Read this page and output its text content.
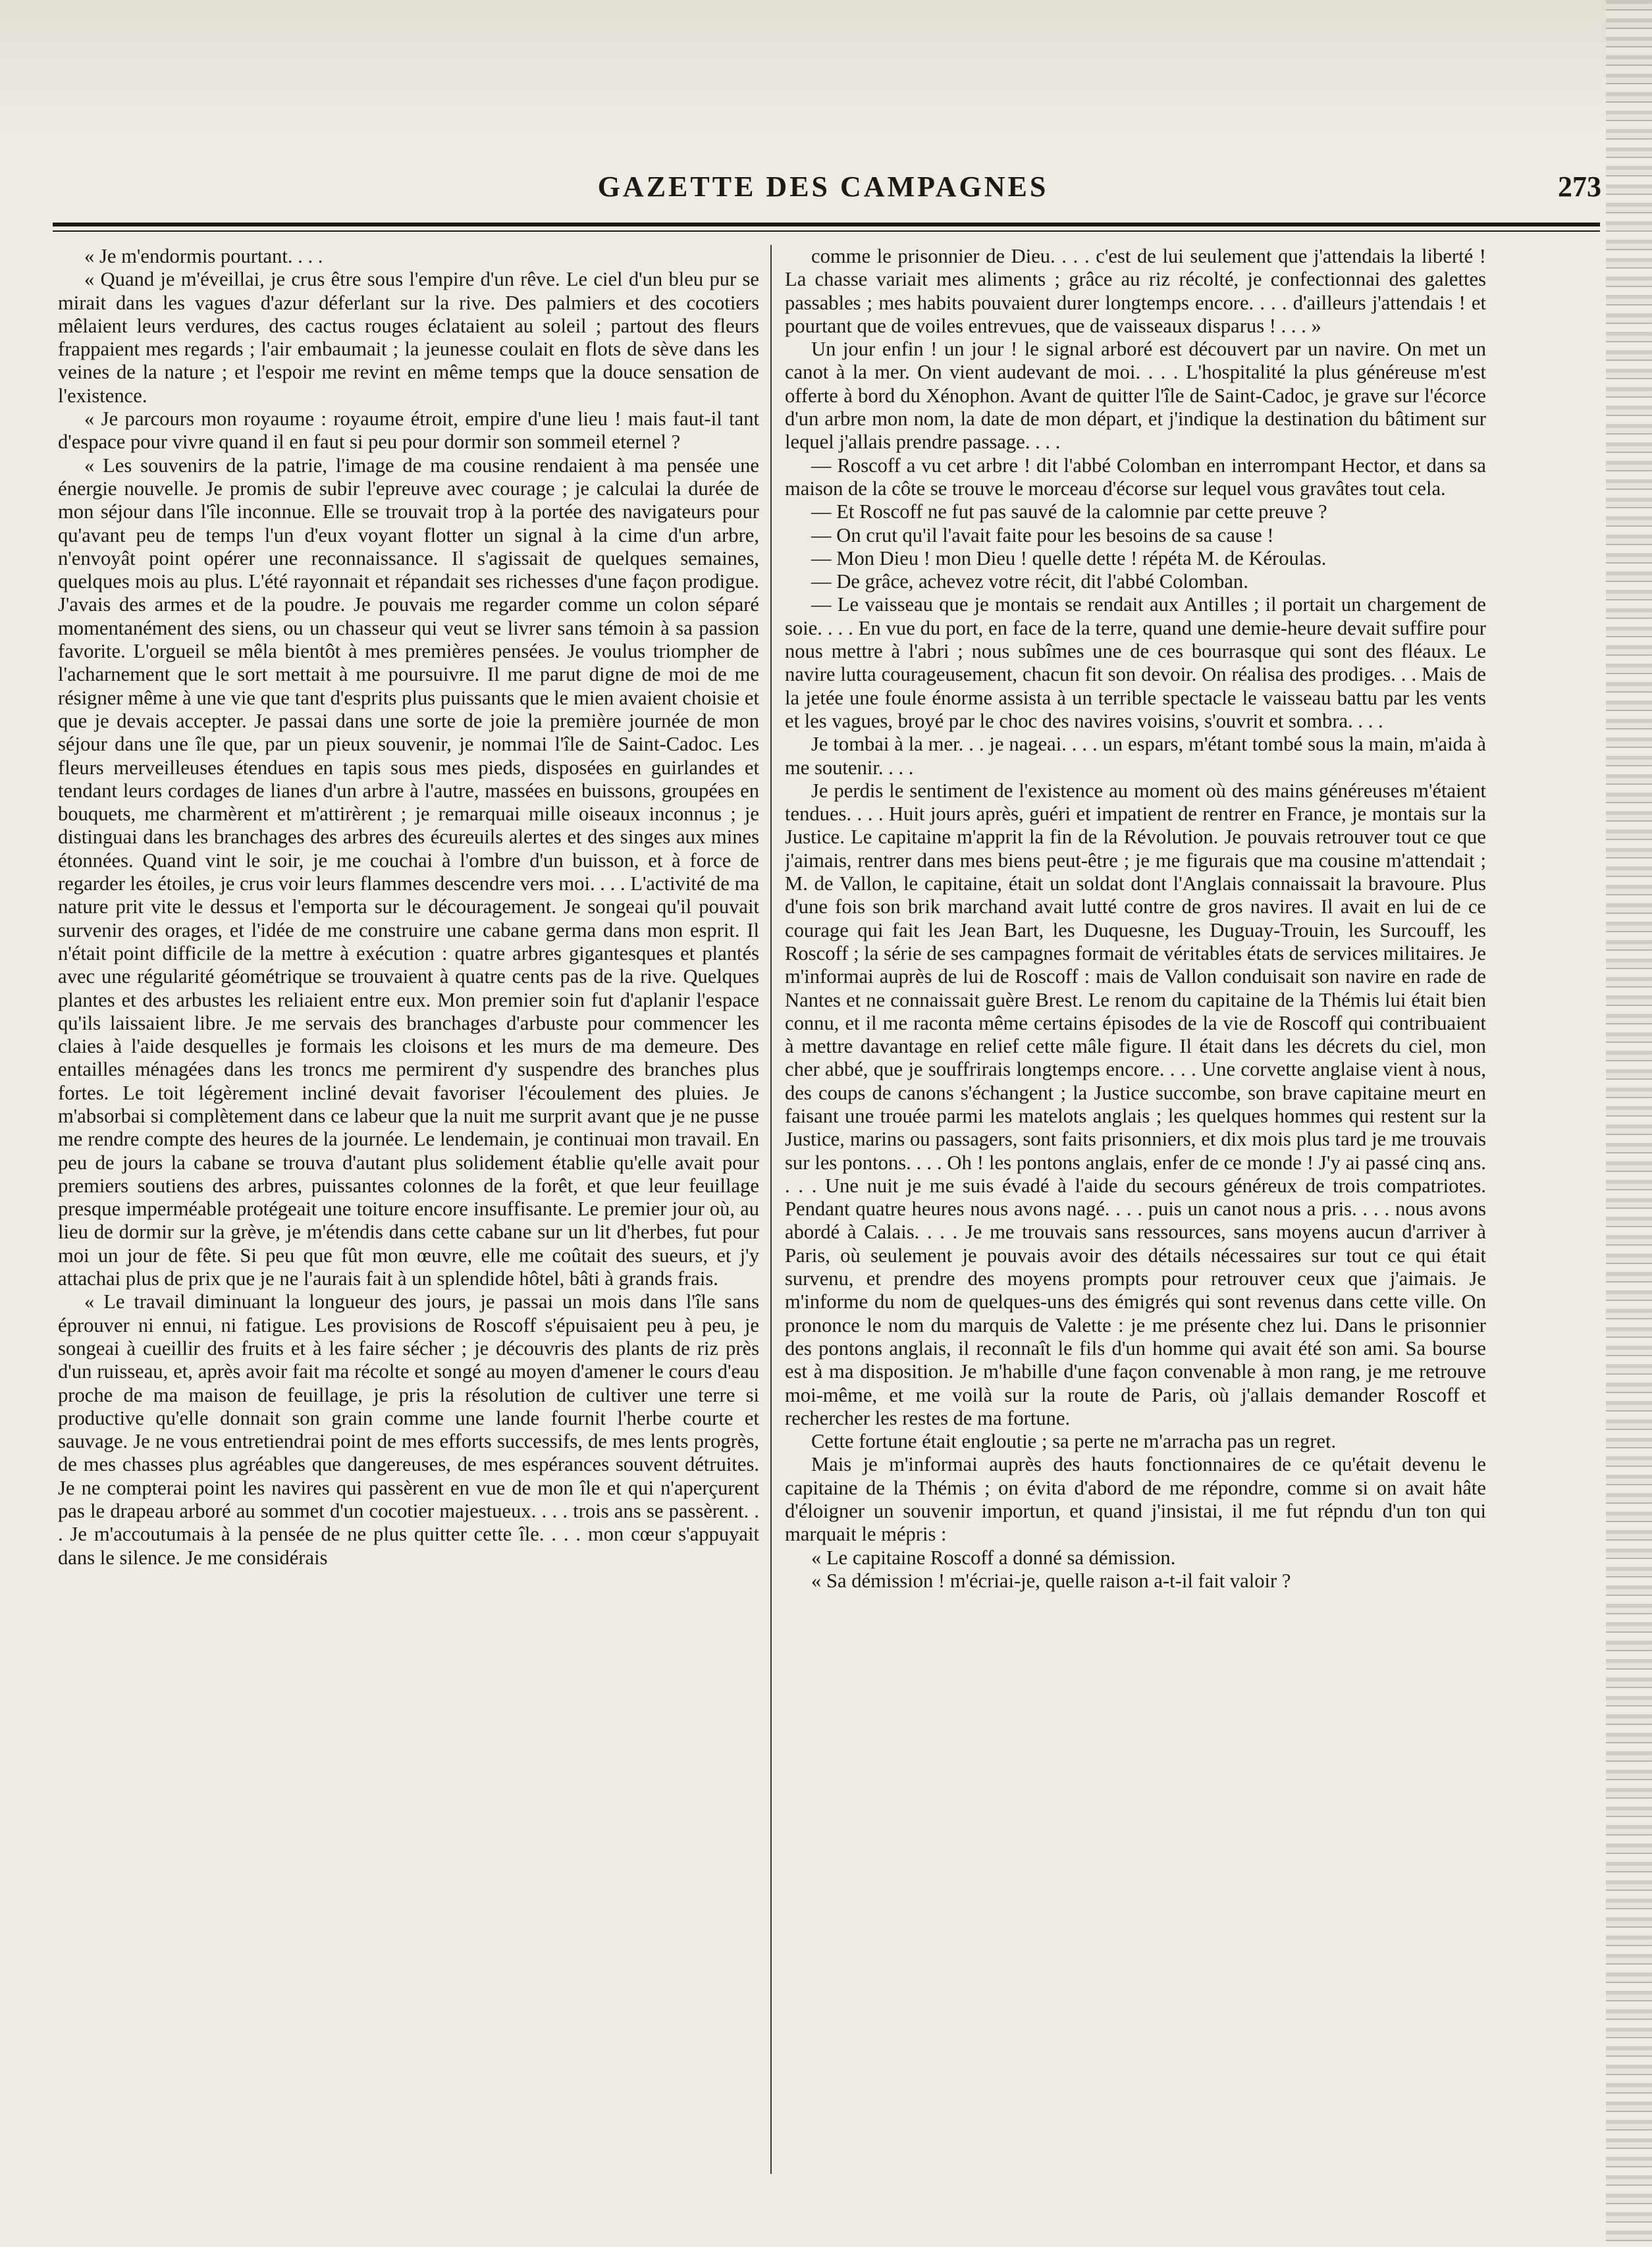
GAZETTE DES CAMPAGNES	273

« Je m'endormis pourtant. . . .

« Quand je m'éveillai, je crus être sous l'empire d'un rêve. Le ciel d'un bleu pur se mirait dans les vagues d'azur déferlant sur la rive. Des palmiers et des cocotiers mêlaient leurs verdures, des cactus rouges éclataient au soleil ; partout des fleurs frappaient mes regards ; l'air embaumait ; la jeunesse coulait en flots de sève dans les veines de la nature ; et l'espoir me revint en même temps que la douce sensation de l'existence.

« Je parcours mon royaume : royaume étroit, empire d'une lieu ! mais faut-il tant d'espace pour vivre quand il en faut si peu pour dormir son sommeil eternel ?

« Les souvenirs de la patrie, l'image de ma cousine rendaient à ma pensée une énergie nouvelle. Je promis de subir l'epreuve avec courage ; je calculai la durée de mon séjour dans l'île inconnue. Elle se trouvait trop à la portée des navigateurs pour qu'avant peu de temps l'un d'eux voyant flotter un signal à la cime d'un arbre, n'envoyât point opérer une reconnaissance. Il s'agissait de quelques semaines, quelques mois au plus. L'été rayonnait et répandait ses richesses d'une façon prodigue. J'avais des armes et de la poudre. Je pouvais me regarder comme un colon séparé momentanément des siens, ou un chasseur qui veut se livrer sans témoin à sa passion favorite. L'orgueil se mêla bientôt à mes premières pensées. Je voulus triompher de l'acharnement que le sort mettait à me poursuivre. Il me parut digne de moi de me résigner même à une vie que tant d'esprits plus puissants que le mien avaient choisie et que je devais accepter. Je passai dans une sorte de joie la première journée de mon séjour dans une île que, par un pieux souvenir, je nommai l'île de Saint-Cadoc. Les fleurs merveilleuses étendues en tapis sous mes pieds, disposées en guirlandes et tendant leurs cordages de lianes d'un arbre à l'autre, massées en buissons, groupées en bouquets, me charmèrent et m'attirèrent ; je remarquai mille oiseaux inconnus ; je distinguai dans les branchages des arbres des écureuils alertes et des singes aux mines étonnées. Quand vint le soir, je me couchai à l'ombre d'un buisson, et à force de regarder les étoiles, je crus voir leurs flammes descendre vers moi. . . . L'activité de ma nature prit vite le dessus et l'emporta sur le découragement. Je songeai qu'il pouvait survenir des orages, et l'idée de me construire une cabane germa dans mon esprit. Il n'était point difficile de la mettre à exécution : quatre arbres gigantesques et plantés avec une régularité géométrique se trouvaient à quatre cents pas de la rive. Quelques plantes et des arbustes les reliaient entre eux. Mon premier soin fut d'aplanir l'espace qu'ils laissaient libre. Je me servais des branchages d'arbuste pour commencer les claies à l'aide desquelles je formais les cloisons et les murs de ma demeure. Des entailles ménagées dans les troncs me permirent d'y suspendre des branches plus fortes. Le toit légèrement incliné devait favoriser l'écoulement des pluies. Je m'absorbai si complètement dans ce labeur que la nuit me surprit avant que je ne pusse me rendre compte des heures de la journée. Le lendemain, je continuai mon travail. En peu de jours la cabane se trouva d'autant plus solidement établie qu'elle avait pour premiers soutiens des arbres, puissantes colonnes de la forêt, et que leur feuillage presque imperméable protégeait une toiture encore insuffisante. Le premier jour où, au lieu de dormir sur la grève, je m'étendis dans cette cabane sur un lit d'herbes, fut pour moi un jour de fête. Si peu que fût mon œuvre, elle me coûtait des sueurs, et j'y attachai plus de prix que je ne l'aurais fait à un splendide hôtel, bâti à grands frais.

« Le travail diminuant la longueur des jours, je passai un mois dans l'île sans éprouver ni ennui, ni fatigue. Les provisions de Roscoff s'épuisaient peu à peu, je songeai à cueillir des fruits et à les faire sécher ; je découvris des plants de riz près d'un ruisseau, et, après avoir fait ma récolte et songé au moyen d'amener le cours d'eau proche de ma maison de feuillage, je pris la résolution de cultiver une terre si productive qu'elle donnait son grain comme une lande fournit l'herbe courte et sauvage. Je ne vous entretiendrai point de mes efforts successifs, de mes lents progrès, de mes chasses plus agréables que dangereuses, de mes espérances souvent détruites. Je ne compterai point les navires qui passèrent en vue de mon île et qui n'aperçurent pas le drapeau arboré au sommet d'un cocotier majestueux. . . . trois ans se passèrent. . . Je m'accoutumais à la pensée de ne plus quitter cette île. . . . mon cœur s'appuyait dans le silence. Je me considérais

comme le prisonnier de Dieu. . . . c'est de lui seulement que j'attendais la liberté ! La chasse variait mes aliments ; grâce au riz récolté, je confectionnai des galettes passables ; mes habits pouvaient durer longtemps encore. . . . d'ailleurs j'attendais ! et pourtant que de voiles entrevues, que de vaisseaux disparus ! . . . »

Un jour enfin ! un jour ! le signal arboré est découvert par un navire. On met un canot à la mer. On vient audevant de moi. . . . L'hospitalité la plus généreuse m'est offerte à bord du Xénophon. Avant de quitter l'île de Saint-Cadoc, je grave sur l'écorce d'un arbre mon nom, la date de mon départ, et j'indique la destination du bâtiment sur lequel j'allais prendre passage. . . .

— Roscoff a vu cet arbre ! dit l'abbé Colomban en interrompant Hector, et dans sa maison de la côte se trouve le morceau d'écorse sur lequel vous gravâtes tout cela.

— Et Roscoff ne fut pas sauvé de la calomnie par cette preuve ?

— On crut qu'il l'avait faite pour les besoins de sa cause !

— Mon Dieu ! mon Dieu ! quelle dette ! répéta M. de Kéroulas.

— De grâce, achevez votre récit, dit l'abbé Colomban.

— Le vaisseau que je montais se rendait aux Antilles ; il portait un chargement de soie. . . . En vue du port, en face de la terre, quand une demie-heure devait suffire pour nous mettre à l'abri ; nous subîmes une de ces bourrasque qui sont des fléaux. Le navire lutta courageusement, chacun fit son devoir. On réalisa des prodiges. . . Mais de la jetée une foule énorme assista à un terrible spectacle le vaisseau battu par les vents et les vagues, broyé par le choc des navires voisins, s'ouvrit et sombra. . . .

Je tombai à la mer. . . je nageai. . . . un espars, m'étant tombé sous la main, m'aida à me soutenir. . . .

Je perdis le sentiment de l'existence au moment où des mains généreuses m'étaient tendues. . . . Huit jours après, guéri et impatient de rentrer en France, je montais sur la Justice. Le capitaine m'apprit la fin de la Révolution. Je pouvais retrouver tout ce que j'aimais, rentrer dans mes biens peut-être ; je me figurais que ma cousine m'attendait ; M. de Vallon, le capitaine, était un soldat dont l'Anglais connaissait la bravoure. Plus d'une fois son brik marchand avait lutté contre de gros navires. Il avait en lui de ce courage qui fait les Jean Bart, les Duquesne, les Duguay-Trouin, les Surcouff, les Roscoff ; la série de ses campagnes formait de véritables états de services militaires. Je m'informai auprès de lui de Roscoff : mais de Vallon conduisait son navire en rade de Nantes et ne connaissait guère Brest. Le renom du capitaine de la Thémis lui était bien connu, et il me raconta même certains épisodes de la vie de Roscoff qui contribuaient à mettre davantage en relief cette mâle figure. Il était dans les décrets du ciel, mon cher abbé, que je souffrirais longtemps encore. . . . Une corvette anglaise vient à nous, des coups de canons s'échangent ; la Justice succombe, son brave capitaine meurt en faisant une trouée parmi les matelots anglais ; les quelques hommes qui restent sur la Justice, marins ou passagers, sont faits prisonniers, et dix mois plus tard je me trouvais sur les pontons. . . . Oh ! les pontons anglais, enfer de ce monde ! J'y ai passé cinq ans. . . . Une nuit je me suis évadé à l'aide du secours généreux de trois compatriotes. Pendant quatre heures nous avons nagé. . . . puis un canot nous a pris. . . . nous avons abordé à Calais. . . . Je me trouvais sans ressources, sans moyens aucun d'arriver à Paris, où seulement je pouvais avoir des détails nécessaires sur tout ce qui était survenu, et prendre des moyens prompts pour retrouver ceux que j'aimais. Je m'informe du nom de quelques-uns des émigrés qui sont revenus dans cette ville. On prononce le nom du marquis de Valette : je me présente chez lui. Dans le prisonnier des pontons anglais, il reconnaît le fils d'un homme qui avait été son ami. Sa bourse est à ma disposition. Je m'habille d'une façon convenable à mon rang, je me retrouve moi-même, et me voilà sur la route de Paris, où j'allais demander Roscoff et rechercher les restes de ma fortune.

Cette fortune était engloutie ; sa perte ne m'arracha pas un regret.

Mais je m'informai auprès des hauts fonctionnaires de ce qu'était devenu le capitaine de la Thémis ; on évita d'abord de me répondre, comme si on avait hâte d'éloigner un souvenir importun, et quand j'insistai, il me fut répndu d'un ton qui marquait le mépris :

« Le capitaine Roscoff a donné sa démission.

« Sa démission ! m'écriai-je, quelle raison a-t-il fait valoir ?
